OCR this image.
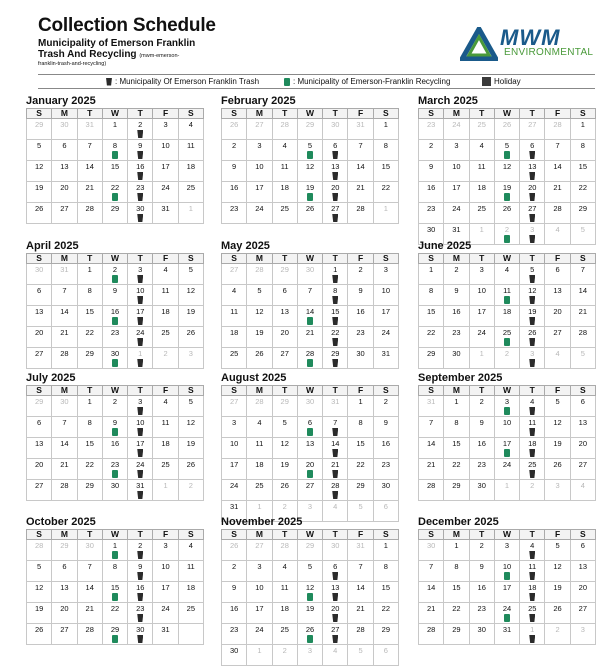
Collection Schedule
Municipality of Emerson Franklin
Trash And Recycling (mwm-emerson-
franklin-trash-and-recycling)
MWM
ENVIRONMENTAL
: Municipality Of Emerson Franklin Trash	: Municipality of Emerson-Franklin Recycling	Holiday
January 2025
S	M	T	W	T	F	S
29	30	31	1	2	3	4
5	6	7	8	9	10	11
12	13	14	15	16	17	18
19	20	21	22	23	24	25
26	27	28	29	30	31	1
February 2025
S	M	T	W	T	F	S
26	27	28	29	30	31	1
2	3	4	5	6	7	8
9	10	11	12	13	14	15
16	17	18	19	20	21	22
23	24	25	26	27	28	1
March 2025
S	M	T	W	T	F	S
23	24	25	26	27	28	1
2	3	4	5	6	7	8
9	10	11	12	13	14	15
16	17	18	19	20	21	22
23	24	25	26	27	28	29
30	31	1	2	3	4	5
April 2025
S	M	T	W	T	F	S
30	31	1	2	3	4	5
6	7	8	9	10	11	12
13	14	15	16	17	18	19
20	21	22	23	24	25	26
27	28	29	30	1	2	3
May 2025
S	M	T	W	T	F	S
27	28	29	30	1	2	3
4	5	6	7	8	9	10
11	12	13	14	15	16	17
18	19	20	21	22	23	24
25	26	27	28	29	30	31
June 2025
S	M	T	W	T	F	S
1	2	3	4	5	6	7
8	9	10	11	12	13	14
15	16	17	18	19	20	21
22	23	24	25	26	27	28
29	30	1	2	3	4	5
July 2025
S	M	T	W	T	F	S
29	30	1	2	3	4	5
6	7	8	9	10	11	12
13	14	15	16	17	18	19
20	21	22	23	24	25	26
27	28	29	30	31	1	2
August 2025
S	M	T	W	T	F	S
27	28	29	30	31	1	2
3	4	5	6	7	8	9
10	11	12	13	14	15	16
17	18	19	20	21	22	23
24	25	26	27	28	29	30
31	1	2	3	4	5	6
September 2025
S	M	T	W	T	F	S
31	1	2	3	4	5	6
7	8	9	10	11	12	13
14	15	16	17	18	19	20
21	22	23	24	25	26	27
28	29	30	1	2	3	4
October 2025
S	M	T	W	T	F	S
28	29	30	1	2	3	4
5	6	7	8	9	10	11
12	13	14	15	16	17	18
19	20	21	22	23	24	25
26	27	28	29	30	31	
November 2025
S	M	T	W	T	F	S
26	27	28	29	30	31	1
2	3	4	5	6	7	8
9	10	11	12	13	14	15
16	17	18	19	20	21	22
23	24	25	26	27	28	29
30	1	2	3	4	5	6
December 2025
S	M	T	W	T	F	S
30	1	2	3	4	5	6
7	8	9	10	11	12	13
14	15	16	17	18	19	20
21	22	23	24	25	26	27
28	29	30	31	1	2	3
